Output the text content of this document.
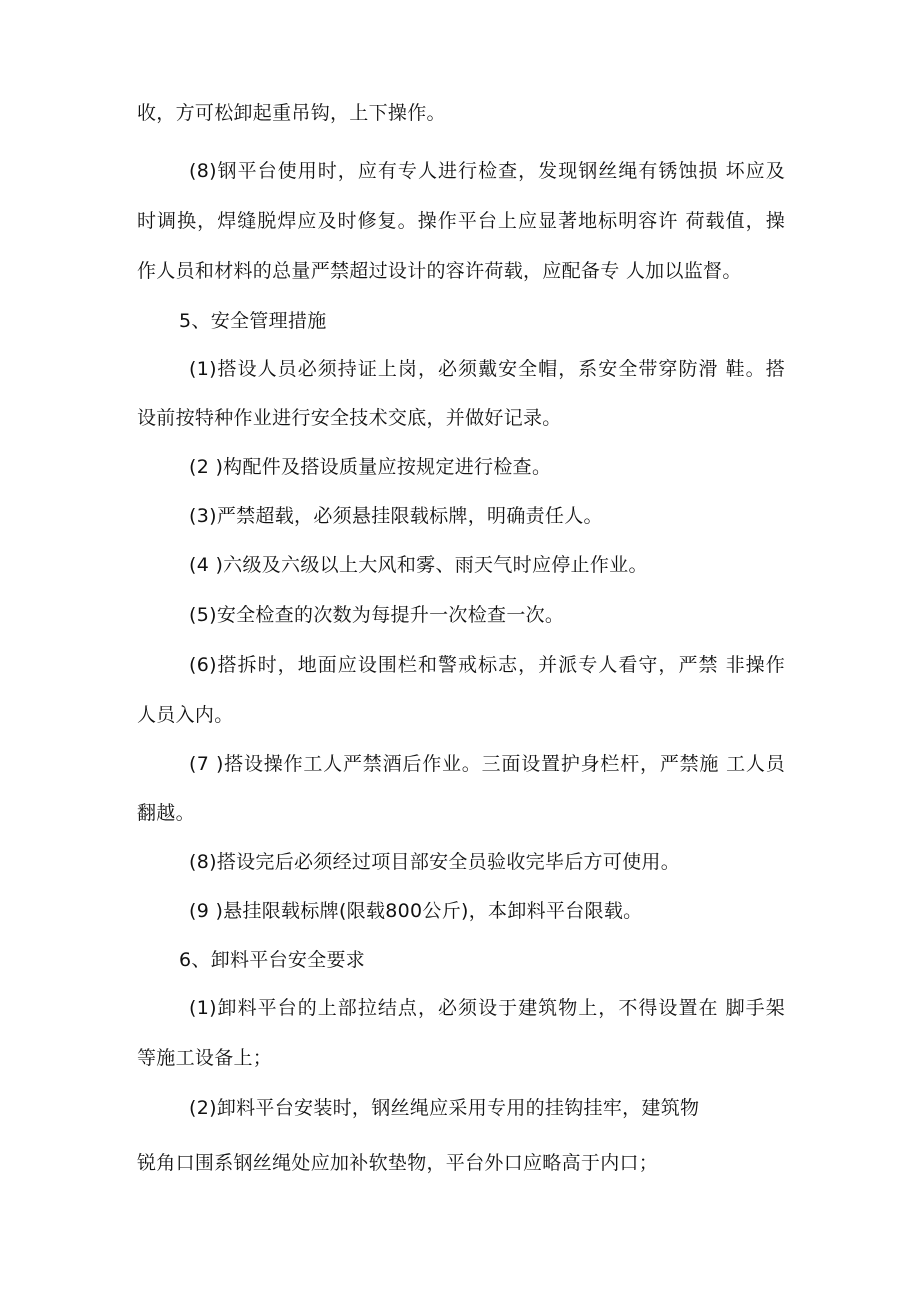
收，方可松卸起重吊钩，上下操作。
(8)钢平台使用时，应有专人进行检查，发现钢丝绳有锈蚀损 坏应及
时调换，焊缝脱焊应及时修复。操作平台上应显著地标明容许 荷载值，操
作人员和材料的总量严禁超过设计的容许荷载，应配备专 人加以监督。
5、安全管理措施
(1)搭设人员必须持证上岗，必须戴安全帽，系安全带穿防滑 鞋。搭
设前按特种作业进行安全技术交底，并做好记录。
(2 )构配件及搭设质量应按规定进行检查。
(3)严禁超载，必须悬挂限载标牌，明确责任人。
(4 )六级及六级以上大风和雾、雨天气时应停止作业。
(5)安全检查的次数为每提升一次检查一次。
(6)搭拆时，地面应设围栏和警戒标志，并派专人看守，严禁 非操作
人员入内。
(7 )搭设操作工人严禁酒后作业。三面设置护身栏杆，严禁施 工人员
翻越。
(8)搭设完后必须经过项目部安全员验收完毕后方可使用。
(9 )悬挂限载标牌(限载800公斤)，本卸料平台限载。
6、卸料平台安全要求
(1)卸料平台的上部拉结点，必须设于建筑物上，不得设置在 脚手架
等施工设备上；
(2)卸料平台安装时，钢丝绳应采用专用的挂钩挂牢，建筑物
锐角口围系钢丝绳处应加补软垫物，平台外口应略高于内口；
